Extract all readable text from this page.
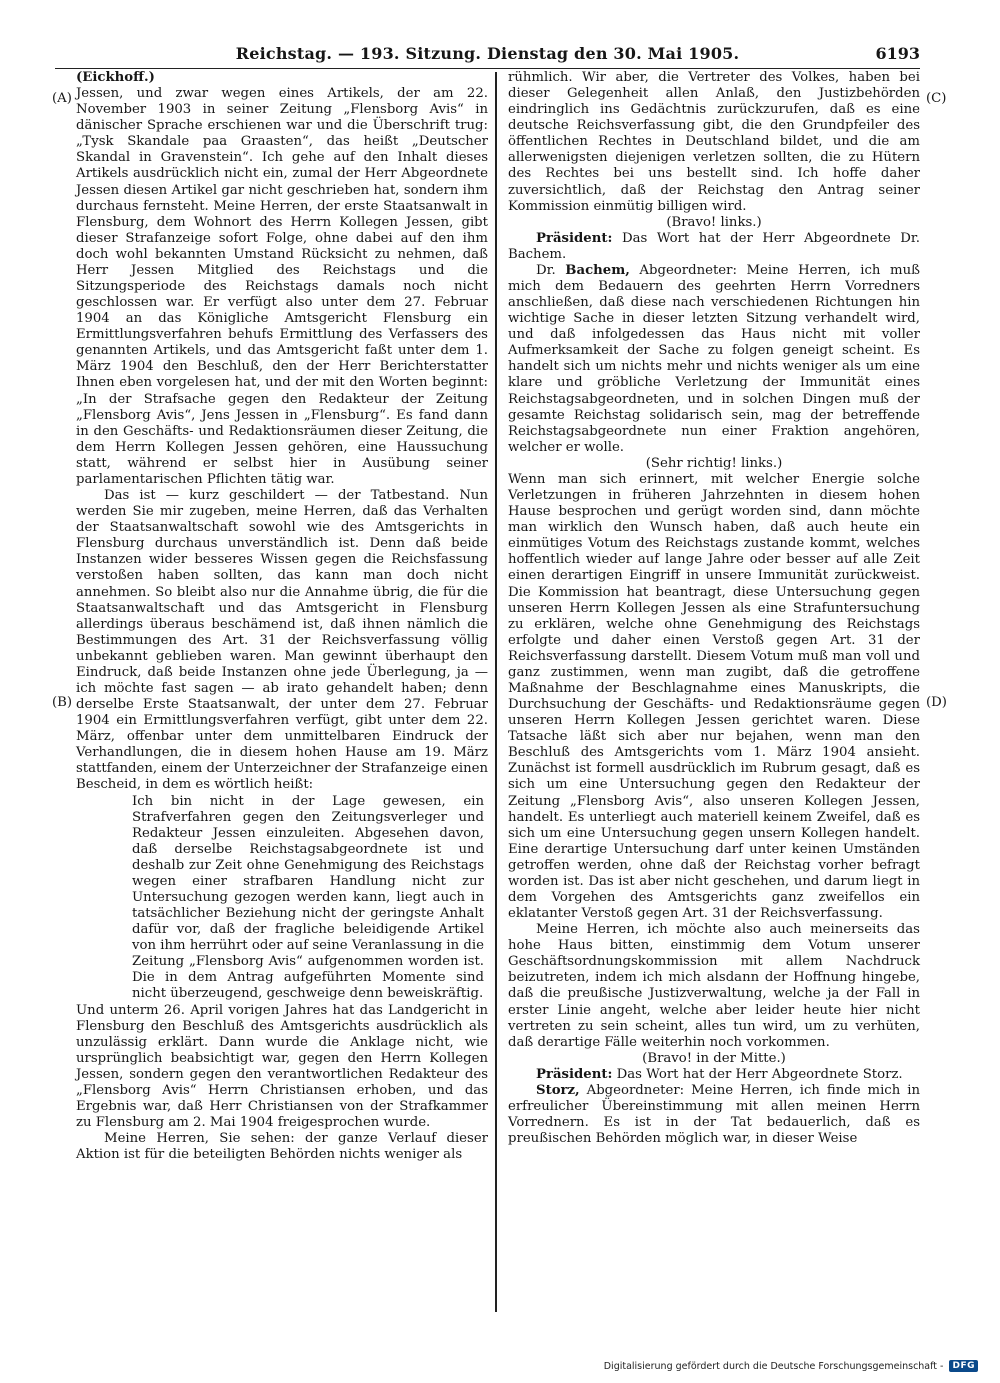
Reichstag. — 193. Sitzung. Dienstag den 30. Mai 1905.	6193
(A)
(B)
(C)
(D)

(Eickhoff.)

Jessen, und zwar wegen eines Artikels, der am 22. November 1903 in seiner Zeitung „Flensborg Avis“ in dänischer Sprache erschienen war und die Überschrift trug: „Tysk Skandale paa Graasten“, das heißt „Deutscher Skandal in Gravenstein“. Ich gehe auf den Inhalt dieses Artikels ausdrücklich nicht ein, zumal der Herr Abgeordnete Jessen diesen Artikel gar nicht geschrieben hat, sondern ihm durchaus fernsteht. Meine Herren, der erste Staatsanwalt in Flensburg, dem Wohnort des Herrn Kollegen Jessen, gibt dieser Strafanzeige sofort Folge, ohne dabei auf den ihm doch wohl bekannten Umstand Rücksicht zu nehmen, daß Herr Jessen Mitglied des Reichstags und die Sitzungsperiode des Reichstags damals noch nicht geschlossen war. Er verfügt also unter dem 27. Februar 1904 an das Königliche Amtsgericht Flensburg ein Ermittlungsverfahren behufs Ermittlung des Verfassers des genannten Artikels, und das Amtsgericht faßt unter dem 1. März 1904 den Beschluß, den der Herr Berichterstatter Ihnen eben vorgelesen hat, und der mit den Worten beginnt: „In der Strafsache gegen den Redakteur der Zeitung „Flensborg Avis“, Jens Jessen in „Flensburg“. Es fand dann in den Geschäfts- und Redaktionsräumen dieser Zeitung, die dem Herrn Kollegen Jessen gehören, eine Haussuchung statt, während er selbst hier in Ausübung seiner parlamentarischen Pflichten tätig war.

Das ist — kurz geschildert — der Tatbestand. Nun werden Sie mir zugeben, meine Herren, daß das Verhalten der Staatsanwaltschaft sowohl wie des Amtsgerichts in Flensburg durchaus unverständlich ist. Denn daß beide Instanzen wider besseres Wissen gegen die Reichsfassung verstoßen haben sollten, das kann man doch nicht annehmen. So bleibt also nur die Annahme übrig, die für die Staatsanwaltschaft und das Amtsgericht in Flensburg allerdings überaus beschämend ist, daß ihnen nämlich die Bestimmungen des Art. 31 der Reichsverfassung völlig unbekannt geblieben waren. Man gewinnt überhaupt den Eindruck, daß beide Instanzen ohne jede Überlegung, ja — ich möchte fast sagen — ab irato gehandelt haben; denn derselbe Erste Staatsanwalt, der unter dem 27. Februar 1904 ein Ermittlungsverfahren verfügt, gibt unter dem 22. März, offenbar unter dem unmittelbaren Eindruck der Verhandlungen, die in diesem hohen Hause am 19. März stattfanden, einem der Unterzeichner der Strafanzeige einen Bescheid, in dem es wörtlich heißt:

Ich bin nicht in der Lage gewesen, ein Strafverfahren gegen den Zeitungsverleger und Redakteur Jessen einzuleiten. Abgesehen davon, daß derselbe Reichstagsabgeordnete ist und deshalb zur Zeit ohne Genehmigung des Reichstags wegen einer strafbaren Handlung nicht zur Untersuchung gezogen werden kann, liegt auch in tatsächlicher Beziehung nicht der geringste Anhalt dafür vor, daß der fragliche beleidigende Artikel von ihm herrührt oder auf seine Veranlassung in die Zeitung „Flensborg Avis“ aufgenommen worden ist. Die in dem Antrag aufgeführten Momente sind nicht überzeugend, geschweige denn beweiskräftig.

Und unterm 26. April vorigen Jahres hat das Landgericht in Flensburg den Beschluß des Amtsgerichts ausdrücklich als unzulässig erklärt. Dann wurde die Anklage nicht, wie ursprünglich beabsichtigt war, gegen den Herrn Kollegen Jessen, sondern gegen den verantwortlichen Redakteur des „Flensborg Avis“ Herrn Christiansen erhoben, und das Ergebnis war, daß Herr Christiansen von der Strafkammer zu Flensburg am 2. Mai 1904 freigesprochen wurde.

Meine Herren, Sie sehen: der ganze Verlauf dieser Aktion ist für die beteiligten Behörden nichts weniger als

rühmlich. Wir aber, die Vertreter des Volkes, haben bei dieser Gelegenheit allen Anlaß, den Justizbehörden eindringlich ins Gedächtnis zurückzurufen, daß es eine deutsche Reichsverfassung gibt, die den Grundpfeiler des öffentlichen Rechtes in Deutschland bildet, und die am allerwenigsten diejenigen verletzen sollten, die zu Hütern des Rechtes bei uns bestellt sind. Ich hoffe daher zuversichtlich, daß der Reichstag den Antrag seiner Kommission einmütig billigen wird.

(Bravo! links.)

Präsident: Das Wort hat der Herr Abgeordnete Dr. Bachem.

Dr. Bachem, Abgeordneter: Meine Herren, ich muß mich dem Bedauern des geehrten Herrn Vorredners anschließen, daß diese nach verschiedenen Richtungen hin wichtige Sache in dieser letzten Sitzung verhandelt wird, und daß infolgedessen das Haus nicht mit voller Aufmerksamkeit der Sache zu folgen geneigt scheint. Es handelt sich um nichts mehr und nichts weniger als um eine klare und gröbliche Verletzung der Immunität eines Reichstagsabgeordneten, und in solchen Dingen muß der gesamte Reichstag solidarisch sein, mag der betreffende Reichstagsabgeordnete nun einer Fraktion angehören, welcher er wolle.

(Sehr richtig! links.)

Wenn man sich erinnert, mit welcher Energie solche Verletzungen in früheren Jahrzehnten in diesem hohen Hause besprochen und gerügt worden sind, dann möchte man wirklich den Wunsch haben, daß auch heute ein einmütiges Votum des Reichstags zustande kommt, welches hoffentlich wieder auf lange Jahre oder besser auf alle Zeit einen derartigen Eingriff in unsere Immunität zurückweist. Die Kommission hat beantragt, diese Untersuchung gegen unseren Herrn Kollegen Jessen als eine Strafuntersuchung zu erklären, welche ohne Genehmigung des Reichstags erfolgte und daher einen Verstoß gegen Art. 31 der Reichsverfassung darstellt. Diesem Votum muß man voll und ganz zustimmen, wenn man zugibt, daß die getroffene Maßnahme der Beschlagnahme eines Manuskripts, die Durchsuchung der Geschäfts- und Redaktionsräume gegen unseren Herrn Kollegen Jessen gerichtet waren. Diese Tatsache läßt sich aber nur bejahen, wenn man den Beschluß des Amtsgerichts vom 1. März 1904 ansieht. Zunächst ist formell ausdrücklich im Rubrum gesagt, daß es sich um eine Untersuchung gegen den Redakteur der Zeitung „Flensborg Avis“, also unseren Kollegen Jessen, handelt. Es unterliegt auch materiell keinem Zweifel, daß es sich um eine Untersuchung gegen unsern Kollegen handelt. Eine derartige Untersuchung darf unter keinen Umständen getroffen werden, ohne daß der Reichstag vorher befragt worden ist. Das ist aber nicht geschehen, und darum liegt in dem Vorgehen des Amtsgerichts ganz zweifellos ein eklatanter Verstoß gegen Art. 31 der Reichsverfassung.

Meine Herren, ich möchte also auch meinerseits das hohe Haus bitten, einstimmig dem Votum unserer Geschäftsordnungskommission mit allem Nachdruck beizutreten, indem ich mich alsdann der Hoffnung hingebe, daß die preußische Justizverwaltung, welche ja der Fall in erster Linie angeht, welche aber leider heute hier nicht vertreten zu sein scheint, alles tun wird, um zu verhüten, daß derartige Fälle weiterhin noch vorkommen.

(Bravo! in der Mitte.)

Präsident: Das Wort hat der Herr Abgeordnete Storz.

Storz, Abgeordneter: Meine Herren, ich finde mich in erfreulicher Übereinstimmung mit allen meinen Herrn Vorrednern. Es ist in der Tat bedauerlich, daß es preußischen Behörden möglich war, in dieser Weise

Digitalisierung gefördert durch die Deutsche Forschungsgemeinschaft -	DFG
